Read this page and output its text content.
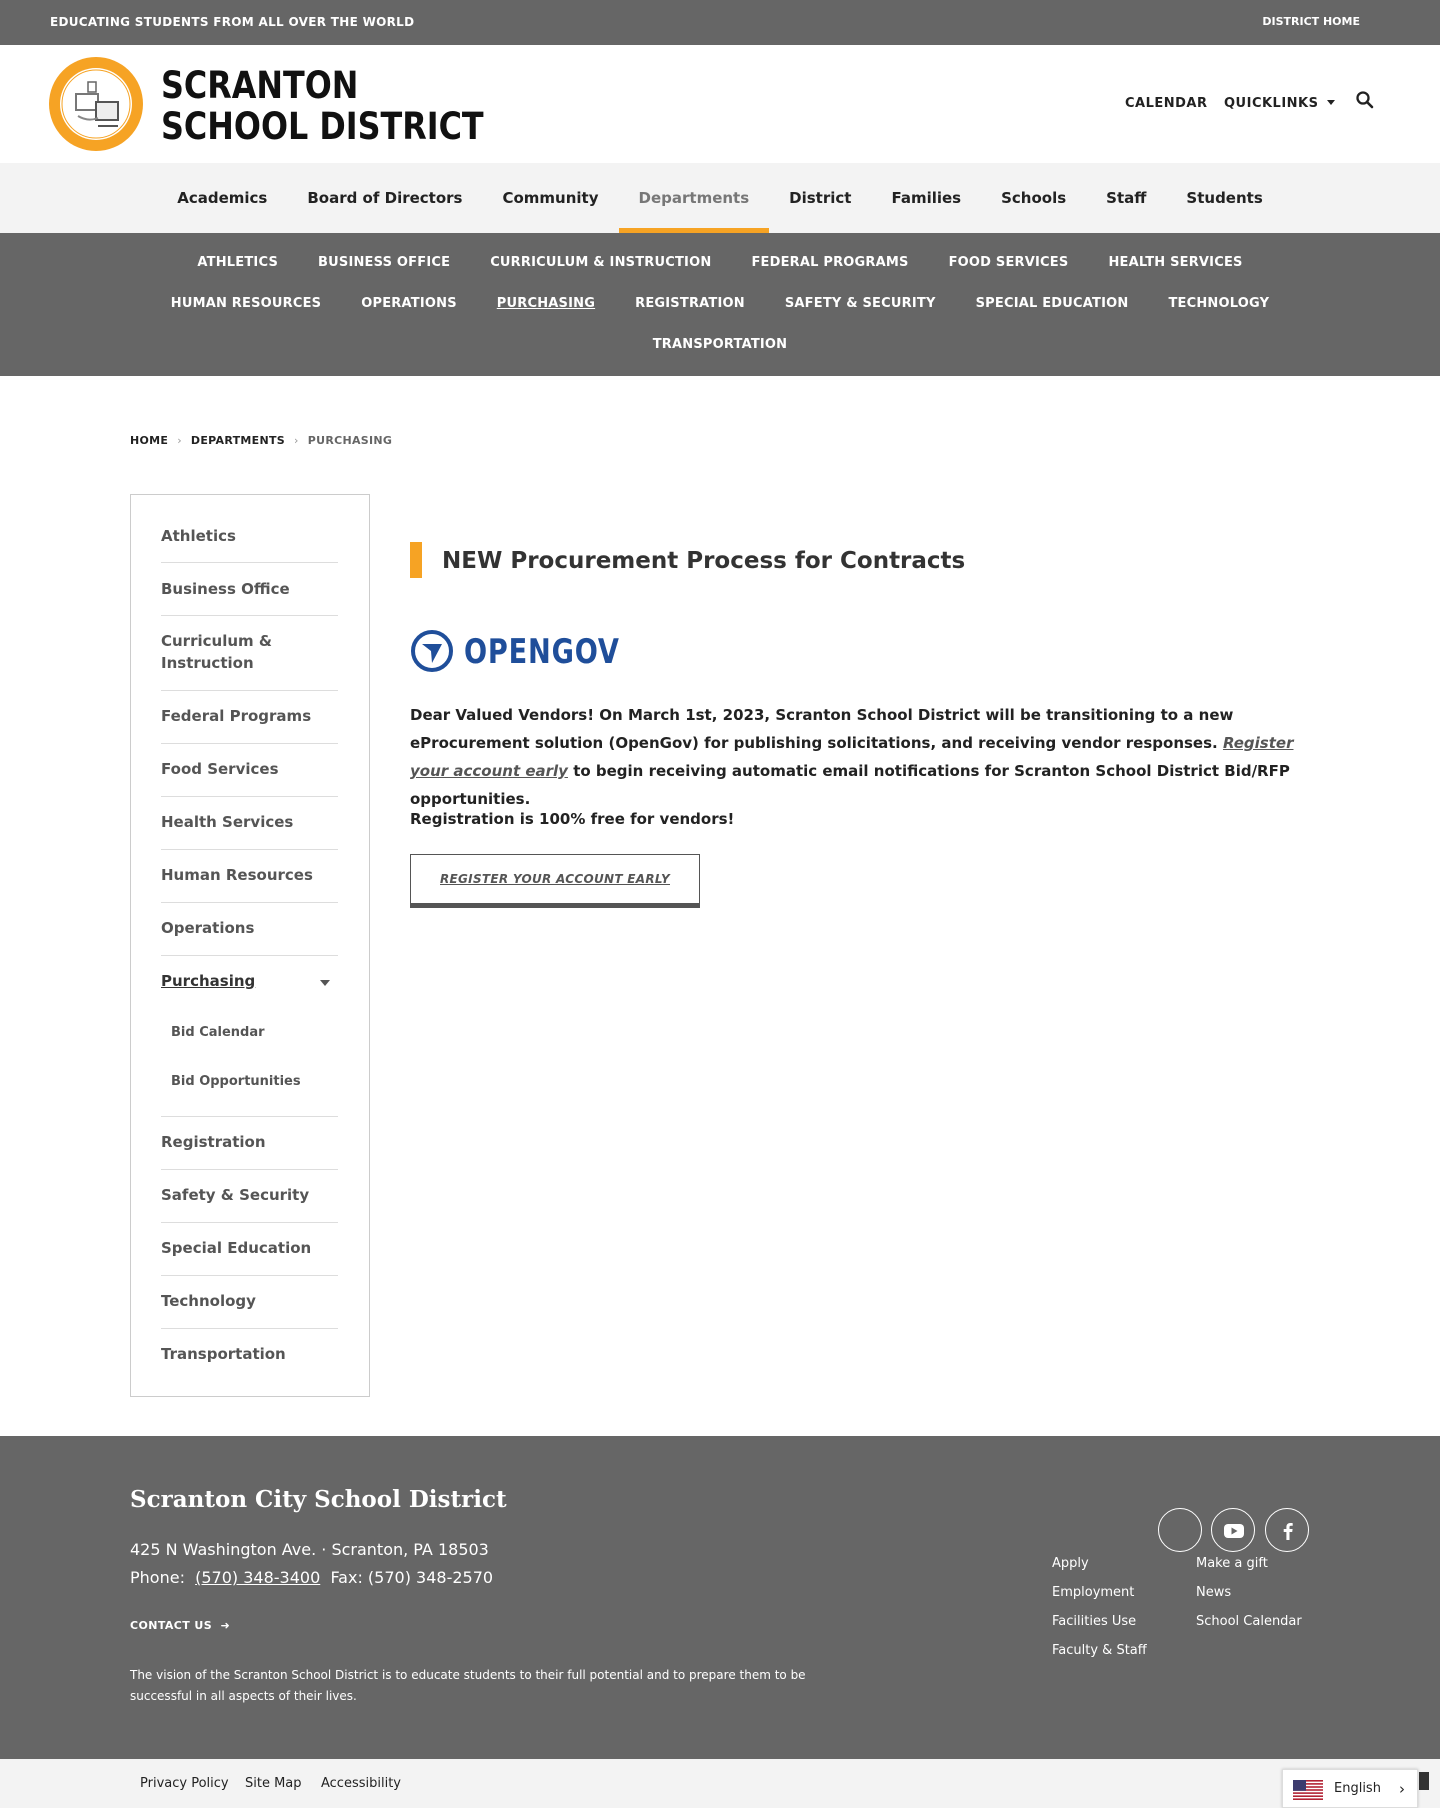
EDUCATING STUDENTS FROM ALL OVER THE WORLD	DISTRICT HOME
SCRANTON
SCHOOL DISTRICT
CALENDAR QUICKLINKS
Academics	Board of Directors	Community	Departments	District	Families	Schools	Staff	Students
ATHLETICS	BUSINESS OFFICE	CURRICULUM & INSTRUCTION	FEDERAL PROGRAMS	FOOD SERVICES	HEALTH SERVICES
HUMAN RESOURCES	OPERATIONS	PURCHASING	REGISTRATION	SAFETY & SECURITY	SPECIAL EDUCATION	TECHNOLOGY
TRANSPORTATION
HOME › DEPARTMENTS › PURCHASING
Athletics
Business Office
Curriculum &
Instruction
Federal Programs
Food Services
Health Services
Human Resources
Operations
Purchasing
Bid Calendar
Bid Opportunities
Registration
Safety & Security
Special Education
Technology
Transportation
NEW Procurement Process for Contracts
OPENGOV
Dear Valued Vendors! On March 1st, 2023, Scranton School District will be transitioning to a new eProcurement solution (OpenGov) for publishing solicitations, and receiving vendor responses. Register your account early to begin receiving automatic email notifications for Scranton School District Bid/RFP opportunities.
Registration is 100% free for vendors!
REGISTER YOUR ACCOUNT EARLY
Scranton City School District
425 N Washington Ave. · Scranton, PA 18503
Phone: (570) 348-3400 Fax: (570) 348-2570
CONTACT US ➜
The vision of the Scranton School District is to educate students to their full potential and to prepare them to be successful in all aspects of their lives.
Apply
Employment
Facilities Use
Faculty & Staff
Make a gift
News
School Calendar
Privacy Policy Site Map Accessibility	English ›
